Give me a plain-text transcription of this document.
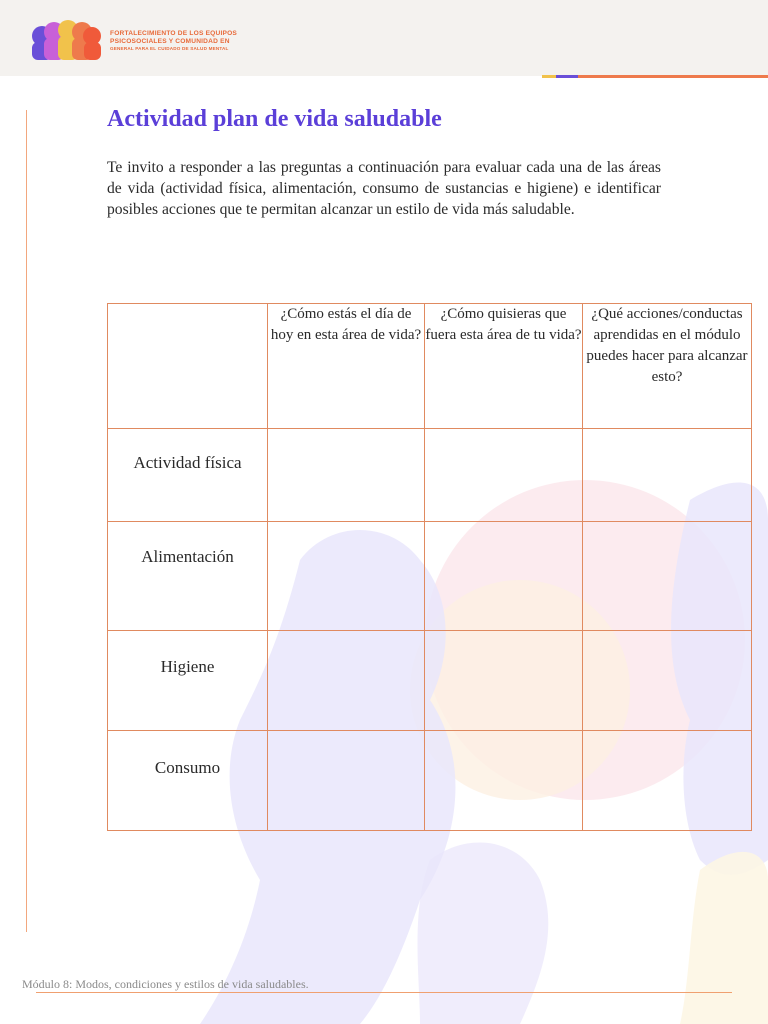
FORTALECIMIENTO DE LOS EQUIPOS
PSICOSOCIALES Y COMUNIDAD EN
GENERAL PARA EL CUIDADO DE SALUD MENTAL
Actividad plan de vida saludable

Te invito a responder a las preguntas a continuación para evaluar cada una de las áreas de vida (actividad física, alimentación, consumo de sustancias e higiene) e identificar posibles acciones que te permitan alcanzar un estilo de vida más saludable.

	¿Cómo estás el día de hoy en esta área de vida?	¿Cómo quisieras que fuera esta área de tu vida?	¿Qué acciones/conductas aprendidas en el módulo puedes hacer para alcanzar esto?
Actividad física			
Alimentación			
Higiene			
Consumo			
Módulo 8: Modos, condiciones y estilos de vida saludables.
